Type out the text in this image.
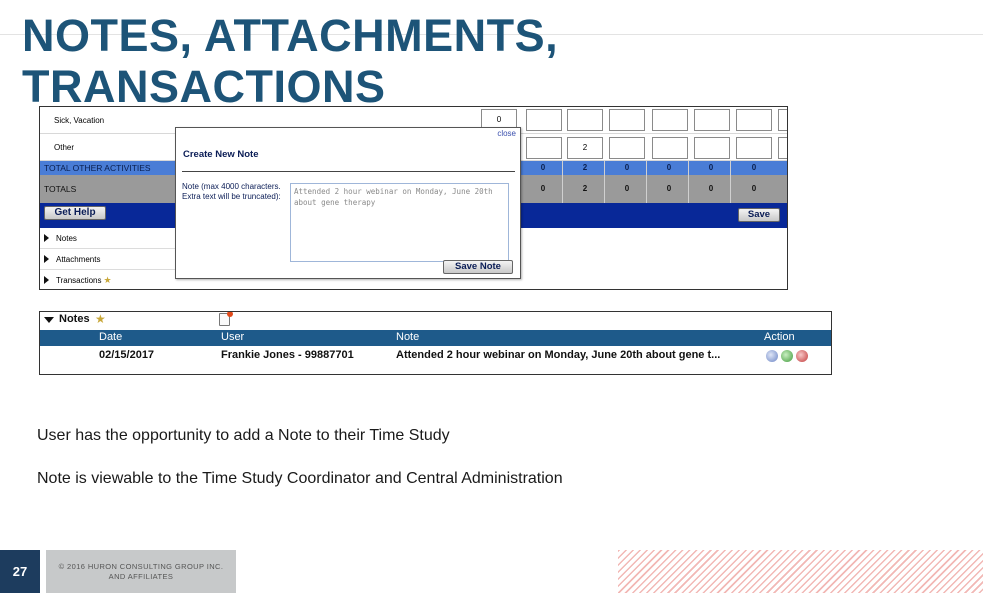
NOTES, ATTACHMENTS,
TRANSACTIONS
Sick, Vacation	0
Other	2
TOTAL OTHER ACTIVITIES	0	2	0	0	0	0
TOTALS	0	2	0	0	0	0
Get Help	Save
Notes
Attachments
Transactions ★
close
Create New Note
Note (max 4000 characters. Extra text will be truncated):
Attended 2 hour webinar on Monday, June 20th about gene therapy
Save Note
Notes ★
Date	User	Note	Action
02/15/2017	Frankie Jones - 99887701	Attended 2 hour webinar on Monday, June 20th about gene t...
User has the opportunity to add a Note to their Time Study
Note is viewable to the Time Study Coordinator and Central Administration
27	© 2016 HURON CONSULTING GROUP INC.
AND AFFILIATES
